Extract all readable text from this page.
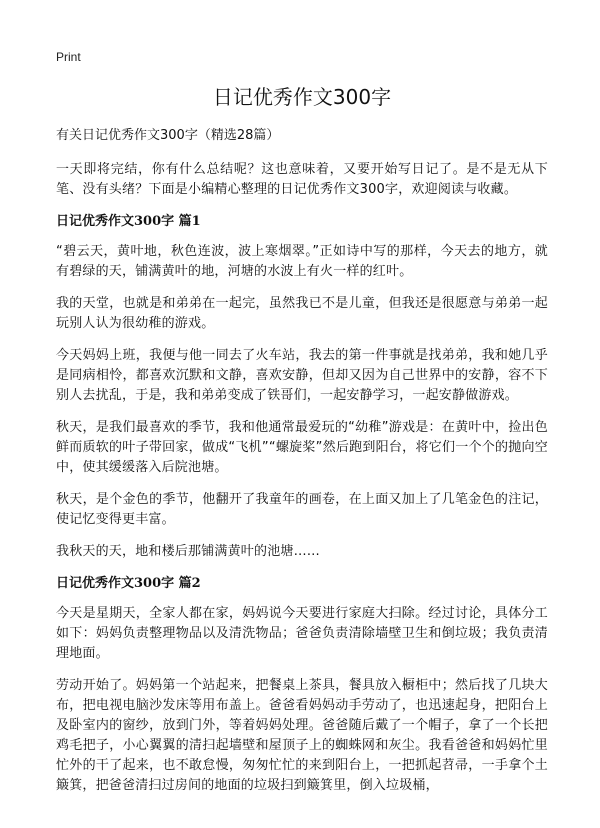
Print
日记优秀作文300字
有关日记优秀作文300字（精选28篇）

一天即将完结，你有什么总结呢？这也意味着，又要开始写日记了。是不是无从下笔、没有头绪？下面是小编精心整理的日记优秀作文300字，欢迎阅读与收藏。

日记优秀作文300字 篇1

“碧云天，黄叶地，秋色连波，波上寒烟翠。”正如诗中写的那样，今天去的地方，就有碧绿的天，铺满黄叶的地，河塘的水波上有火一样的红叶。

我的天堂，也就是和弟弟在一起完，虽然我已不是儿童，但我还是很愿意与弟弟一起玩别人认为很幼稚的游戏。

今天妈妈上班，我便与他一同去了火车站，我去的第一件事就是找弟弟，我和她几乎是同病相怜，都喜欢沉默和文静，喜欢安静，但却又因为自己世界中的安静，容不下别人去扰乱，于是，我和弟弟变成了铁哥们，一起安静学习，一起安静做游戏。

秋天，是我们最喜欢的季节，我和他通常最爱玩的“幼稚”游戏是：在黄叶中，捡出色鲜而质软的叶子带回家，做成“飞机”“螺旋桨”然后跑到阳台，将它们一个个的抛向空中，使其缓缓落入后院池塘。

秋天，是个金色的季节，他翻开了我童年的画卷，在上面又加上了几笔金色的注记，使记忆变得更丰富。

我秋天的天，地和楼后那铺满黄叶的池塘……

日记优秀作文300字 篇2

今天是星期天，全家人都在家，妈妈说今天要进行家庭大扫除。经过讨论，具体分工如下：妈妈负责整理物品以及清洗物品；爸爸负责清除墙壁卫生和倒垃圾；我负责清理地面。

劳动开始了。妈妈第一个站起来，把餐桌上茶具，餐具放入橱柜中；然后找了几块大布，把电视电脑沙发床等用布盖上。爸爸看妈妈动手劳动了，也迅速起身，把阳台上及卧室内的窗纱，放到门外，等着妈妈处理。爸爸随后戴了一个帽子，拿了一个长把鸡毛把子，小心翼翼的清扫起墙壁和屋顶子上的蜘蛛网和灰尘。我看爸爸和妈妈忙里忙外的干了起来，也不敢怠慢，匆匆忙忙的来到阳台上，一把抓起苕帚，一手拿个土簸箕，把爸爸清扫过房间的地面的垃圾扫到簸箕里，倒入垃圾桶，
